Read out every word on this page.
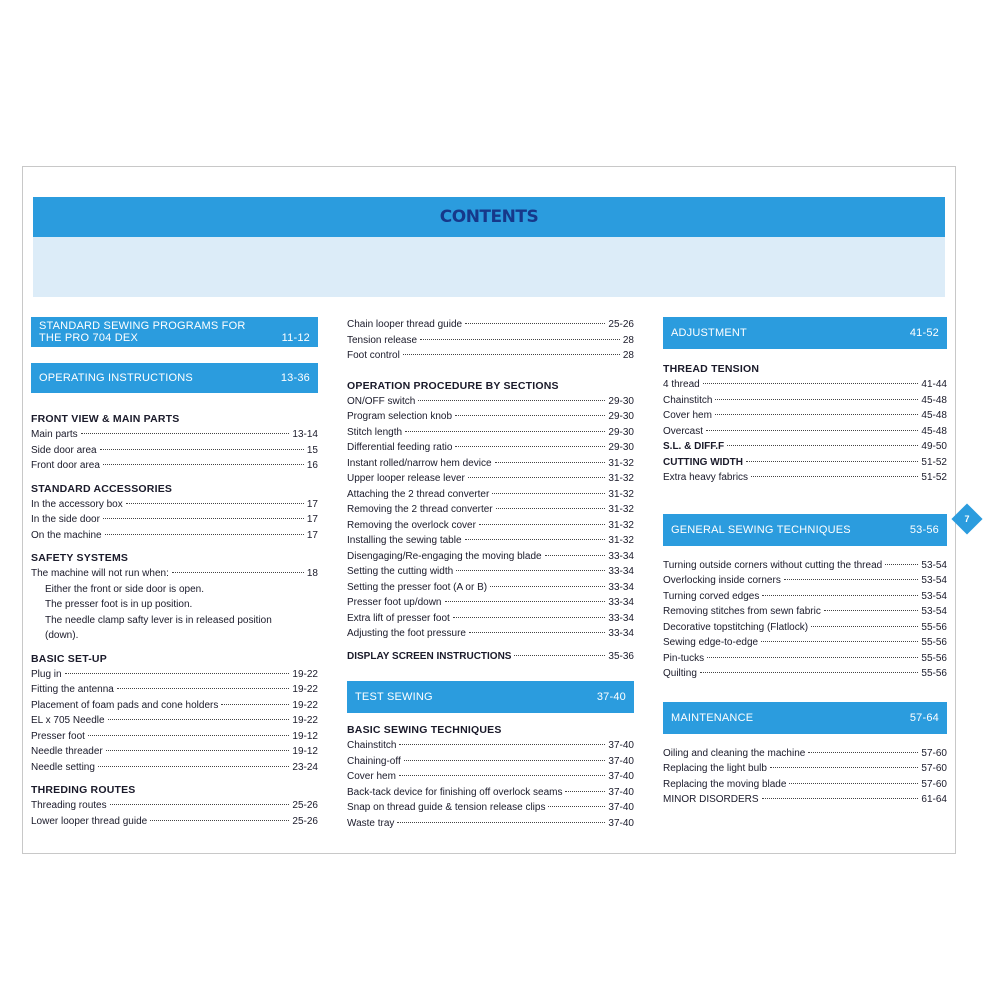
CONTENTS
STANDARD SEWING PROGRAMS FOR THE PRO 704 DEX	11-12
OPERATING INSTRUCTIONS	13-36
FRONT VIEW & MAIN PARTS
Main parts	13-14
Side door area	15
Front door area	16
STANDARD ACCESSORIES
In the accessory box	17
In the side door	17
On the machine	17
SAFETY SYSTEMS
The machine will not run when:	18
Either the front or side door is open.
The presser foot is in up position.
The needle clamp safty lever is in released position
(down).
BASIC SET-UP
Plug in	19-22
Fitting the antenna	19-22
Placement of foam pads and cone holders	19-22
EL x 705 Needle	19-22
Presser foot	19-12
Needle threader	19-12
Needle setting	23-24
THREDING ROUTES
Threading routes	25-26
Lower looper thread guide	25-26
Chain looper thread guide	25-26
Tension release	28
Foot control	28
OPERATION PROCEDURE BY SECTIONS
ON/OFF switch	29-30
Program selection knob	29-30
Stitch length	29-30
Differential feeding ratio	29-30
Instant rolled/narrow hem device	31-32
Upper looper release lever	31-32
Attaching the 2 thread converter	31-32
Removing the 2 thread converter	31-32
Removing the overlock cover	31-32
Installing the sewing table	31-32
Disengaging/Re-engaging the moving blade	33-34
Setting the cutting width	33-34
Setting the presser foot (A or B)	33-34
Presser foot up/down	33-34
Extra lift of presser foot	33-34
Adjusting the foot pressure	33-34
DISPLAY SCREEN INSTRUCTIONS	35-36
TEST SEWING	37-40
BASIC SEWING TECHNIQUES
Chainstitch	37-40
Chaining-off	37-40
Cover hem	37-40
Back-tack device for finishing off overlock seams	37-40
Snap on thread guide & tension release clips	37-40
Waste tray	37-40
ADJUSTMENT	41-52
THREAD TENSION
4 thread	41-44
Chainstitch	45-48
Cover hem	45-48
Overcast	45-48
S.L. & DIFF.F	49-50
CUTTING WIDTH	51-52
Extra heavy fabrics	51-52
GENERAL SEWING TECHNIQUES	53-56
Turning outside corners without cutting the thread	53-54
Overlocking inside corners	53-54
Turning corved edges	53-54
Removing stitches from sewn fabric	53-54
Decorative topstitching (Flatlock)	55-56
Sewing edge-to-edge	55-56
Pin-tucks	55-56
Quilting	55-56
MAINTENANCE	57-64
Oiling and cleaning the machine	57-60
Replacing the light bulb	57-60
Replacing the moving blade	57-60
MINOR DISORDERS	61-64
7
